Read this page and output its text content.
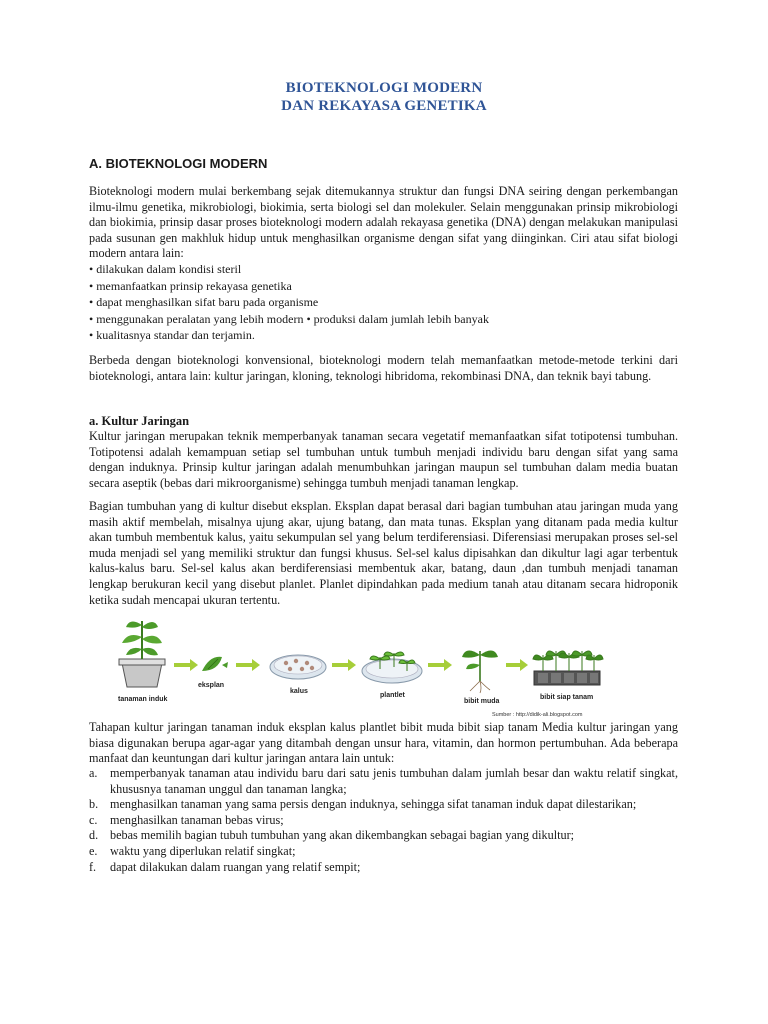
BIOTEKNOLOGI MODERN
DAN REKAYASA GENETIKA
A. BIOTEKNOLOGI MODERN

Bioteknologi modern mulai berkembang sejak ditemukannya struktur dan fungsi DNA seiring dengan perkembangan ilmu-ilmu genetika, mikrobiologi, biokimia, serta biologi sel dan molekuler. Selain menggunakan prinsip mikrobiologi dan biokimia, prinsip dasar proses bioteknologi modern adalah rekayasa genetika (DNA) dengan melakukan manipulasi pada susunan gen makhluk hidup untuk menghasilkan organisme dengan sifat yang diinginkan. Ciri atau sifat biologi modern antara lain:

• dilakukan dalam kondisi steril
• memanfaatkan prinsip rekayasa genetika
• dapat menghasilkan sifat baru pada organisme
• menggunakan peralatan yang lebih modern • produksi dalam jumlah lebih banyak
• kualitasnya standar dan terjamin.

Berbeda dengan bioteknologi konvensional, bioteknologi modern telah memanfaatkan metode-metode terkini dari bioteknologi, antara lain: kultur jaringan, kloning, teknologi hibridoma, rekombinasi DNA, dan teknik bayi tabung.

a. Kultur Jaringan

Kultur jaringan merupakan teknik memperbanyak tanaman secara vegetatif memanfaatkan sifat totipotensi tumbuhan. Totipotensi adalah kemampuan setiap sel tumbuhan untuk tumbuh menjadi individu baru dengan sifat yang sama dengan induknya. Prinsip kultur jaringan adalah menumbuhkan jaringan maupun sel tumbuhan dalam media buatan secara aseptik (bebas dari mikroorganisme) sehingga tumbuh menjadi tanaman lengkap.

Bagian tumbuhan yang di kultur disebut eksplan. Eksplan dapat berasal dari bagian tumbuhan atau jaringan muda yang masih aktif membelah, misalnya ujung akar, ujung batang, dan mata tunas. Eksplan yang ditanam pada media kultur akan tumbuh membentuk kalus, yaitu sekumpulan sel yang belum terdiferensiasi. Diferensiasi merupakan proses sel-sel muda menjadi sel yang memiliki struktur dan fungsi khusus. Sel-sel kalus dipisahkan dan dikultur lagi agar terbentuk kalus-kalus baru. Sel-sel kalus akan berdiferensiasi membentuk akar, batang, daun ,dan tumbuh menjadi tanaman lengkap berukuran kecil yang disebut planlet. Planlet dipindahkan pada medium tanah atau ditanam secara hidroponik ketika sudah mencapai ukuran tertentu.

tanaman induk
eksplan
kalus
plantlet
bibit muda
bibit siap tanam
Sumber : http://didik-ali.blogspot.com

Tahapan kultur jaringan tanaman induk eksplan kalus plantlet bibit muda bibit siap tanam Media kultur jaringan yang biasa digunakan berupa agar-agar yang ditambah dengan unsur hara, vitamin, dan hormon pertumbuhan. Ada beberapa manfaat dan keuntungan dari kultur jaringan antara lain untuk:

a. memperbanyak tanaman atau individu baru dari satu jenis tumbuhan dalam jumlah besar dan waktu relatif singkat, khususnya tanaman unggul dan tanaman langka;
b. menghasilkan tanaman yang sama persis dengan induknya, sehingga sifat tanaman induk dapat dilestarikan;
c. menghasilkan tanaman bebas virus;
d. bebas memilih bagian tubuh tumbuhan yang akan dikembangkan sebagai bagian yang dikultur;
e. waktu yang diperlukan relatif singkat;
f. dapat dilakukan dalam ruangan yang relatif sempit;
